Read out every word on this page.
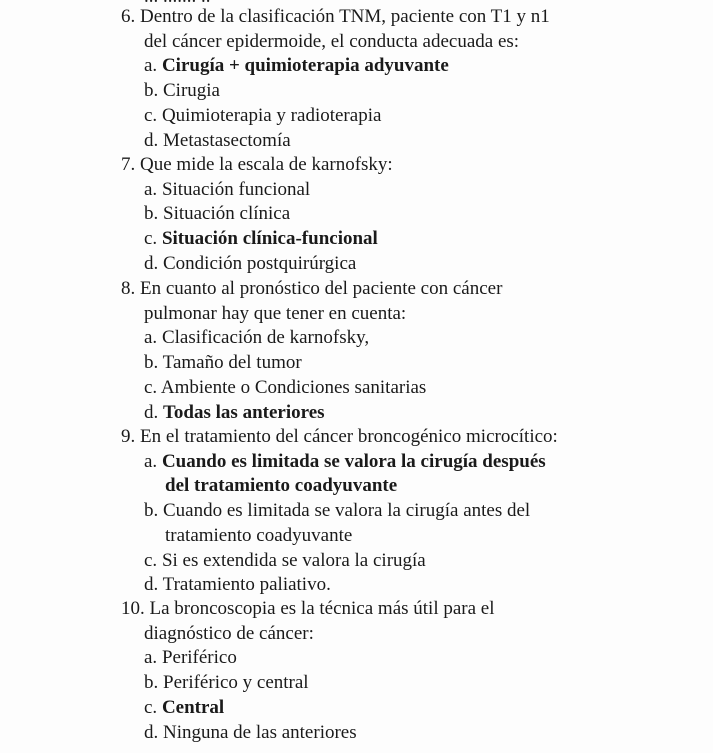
6. Dentro de la clasificación TNM, paciente con T1 y n1
del cáncer epidermoide, el conducta adecuada es:
a. Cirugía + quimioterapia adyuvante
b. Cirugia
c. Quimioterapia y radioterapia
d. Metastasectomía
7. Que mide la escala de karnofsky:
a. Situación funcional
b. Situación clínica
c. Situación clínica-funcional
d. Condición postquirúrgica
8. En cuanto al pronóstico del paciente con cáncer
pulmonar hay que tener en cuenta:
a. Clasificación de karnofsky,
b. Tamaño del tumor
c. Ambiente o Condiciones sanitarias
d. Todas las anteriores
9. En el tratamiento del cáncer broncogénico microcítico:
a. Cuando es limitada se valora la cirugía después
del tratamiento coadyuvante
b. Cuando es limitada se valora la cirugía antes del
tratamiento coadyuvante
c. Si es extendida se valora la cirugía
d. Tratamiento paliativo.
10. La broncoscopia es la técnica más útil para el
diagnóstico de cáncer:
a. Periférico
b. Periférico y central
c. Central
d. Ninguna de las anteriores
